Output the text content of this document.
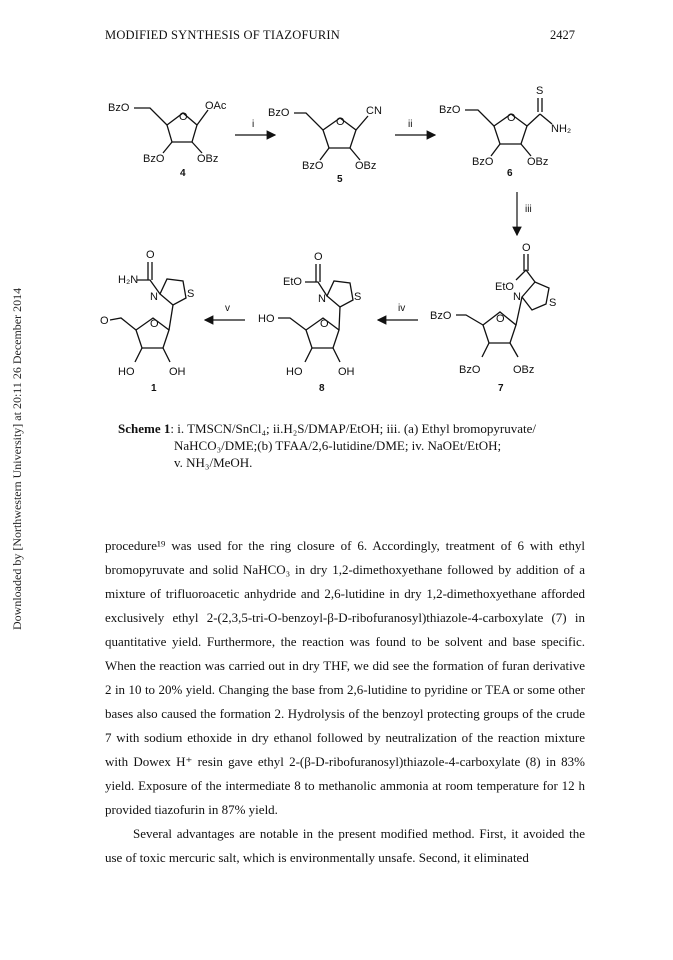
MODIFIED SYNTHESIS OF TIAZOFURIN	2427
Downloaded by [Northwestern University] at 20:11 26 December 2014
i	ii
iii
iv
v
4
5
6
7
8
1
BzO
O
OAc
BzO	OBz
BzO
O
CN
BzO	OBz
S
BzO
O
NH₂
BzO	OBz
O
EtO
N	S
BzO	O
BzO	OBz
O
EtO
N	S
HO	O
HO	OH
O
H₂N
N	S
O	O
HO	OH
Scheme 1: i. TMSCN/SnCl₄; ii.H₂S/DMAP/EtOH; iii. (a) Ethyl bromopyruvate/
NaHCO₃/DME;(b) TFAA/2,6-lutidine/DME; iv. NaOEt/EtOH;
v. NH₃/MeOH.

procedure¹⁹ was used for the ring closure of 6. Accordingly, treatment of 6 with ethyl bromopyruvate and solid NaHCO₃ in dry 1,2-dimethoxyethane followed by addition of a mixture of trifluoroacetic anhydride and 2,6-lutidine in dry 1,2-dimethoxyethane afforded exclusively ethyl 2-(2,3,5-tri-O-benzoyl-β-D-ribofuranosyl)thiazole-4-carboxylate (7) in quantitative yield. Furthermore, the reaction was found to be solvent and base specific. When the reaction was carried out in dry THF, we did see the formation of furan derivative 2 in 10 to 20% yield. Changing the base from 2,6-lutidine to pyridine or TEA or some other bases also caused the formation 2. Hydrolysis of the benzoyl protecting groups of the crude 7 with sodium ethoxide in dry ethanol followed by neutralization of the reaction mixture with Dowex H⁺ resin gave ethyl 2-(β-D-ribofuranosyl)thiazole-4-carboxylate (8) in 83% yield. Exposure of the intermediate 8 to methanolic ammonia at room temperature for 12 h provided tiazofurin in 87% yield.

Several advantages are notable in the present modified method. First, it avoided the use of toxic mercuric salt, which is environmentally unsafe. Second, it eliminated
